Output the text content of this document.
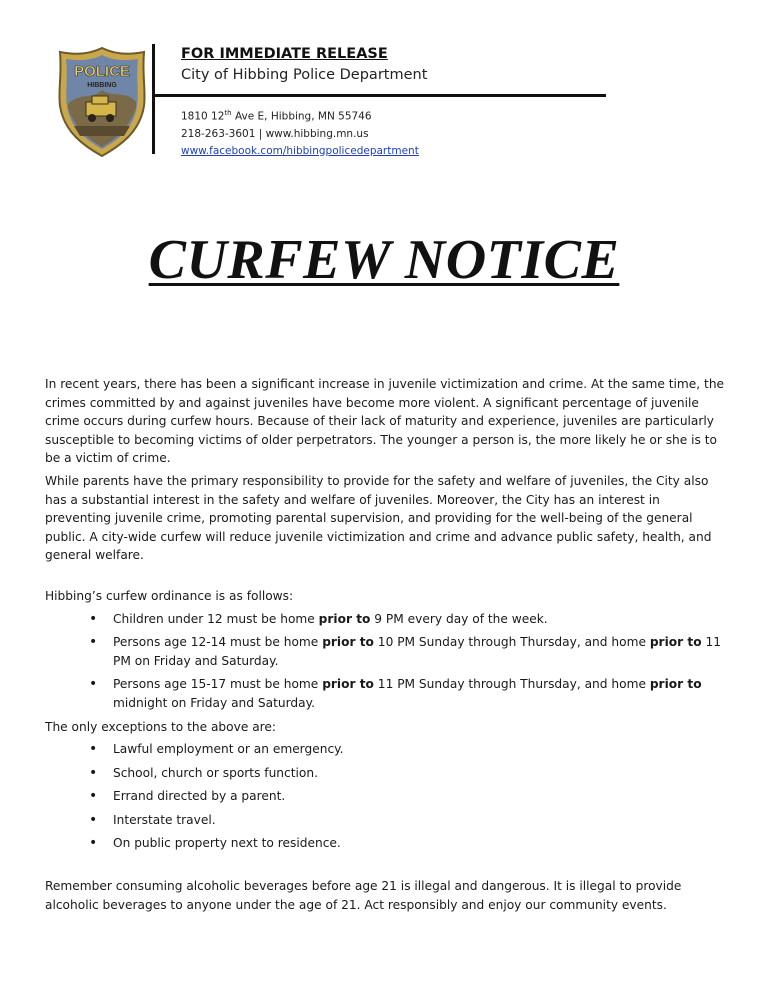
POLICE
HIBBING
FOR IMMEDIATE RELEASE
City of Hibbing Police Department
1810 12th Ave E, Hibbing, MN 55746
218-263-3601 | www.hibbing.mn.us
www.facebook.com/hibbingpolicedepartment
CURFEW NOTICE

In recent years, there has been a significant increase in juvenile victimization and crime. At the same time, the crimes committed by and against juveniles have become more violent. A significant percentage of juvenile crime occurs during curfew hours. Because of their lack of maturity and experience, juveniles are particularly susceptible to becoming victims of older perpetrators. The younger a person is, the more likely he or she is to be a victim of crime.

While parents have the primary responsibility to provide for the safety and welfare of juveniles, the City also has a substantial interest in the safety and welfare of juveniles. Moreover, the City has an interest in preventing juvenile crime, promoting parental supervision, and providing for the well-being of the general public. A city-wide curfew will reduce juvenile victimization and crime and advance public safety, health, and general welfare.

Hibbing’s curfew ordinance is as follows:

• Children under 12 must be home prior to 9 PM every day of the week.
• Persons age 12-14 must be home prior to 10 PM Sunday through Thursday, and home prior to 11 PM on Friday and Saturday.
• Persons age 15-17 must be home prior to 11 PM Sunday through Thursday, and home prior to midnight on Friday and Saturday.

The only exceptions to the above are:

• Lawful employment or an emergency.
• School, church or sports function.
• Errand directed by a parent.
• Interstate travel.
• On public property next to residence.

Remember consuming alcoholic beverages before age 21 is illegal and dangerous. It is illegal to provide alcoholic beverages to anyone under the age of 21. Act responsibly and enjoy our community events.
